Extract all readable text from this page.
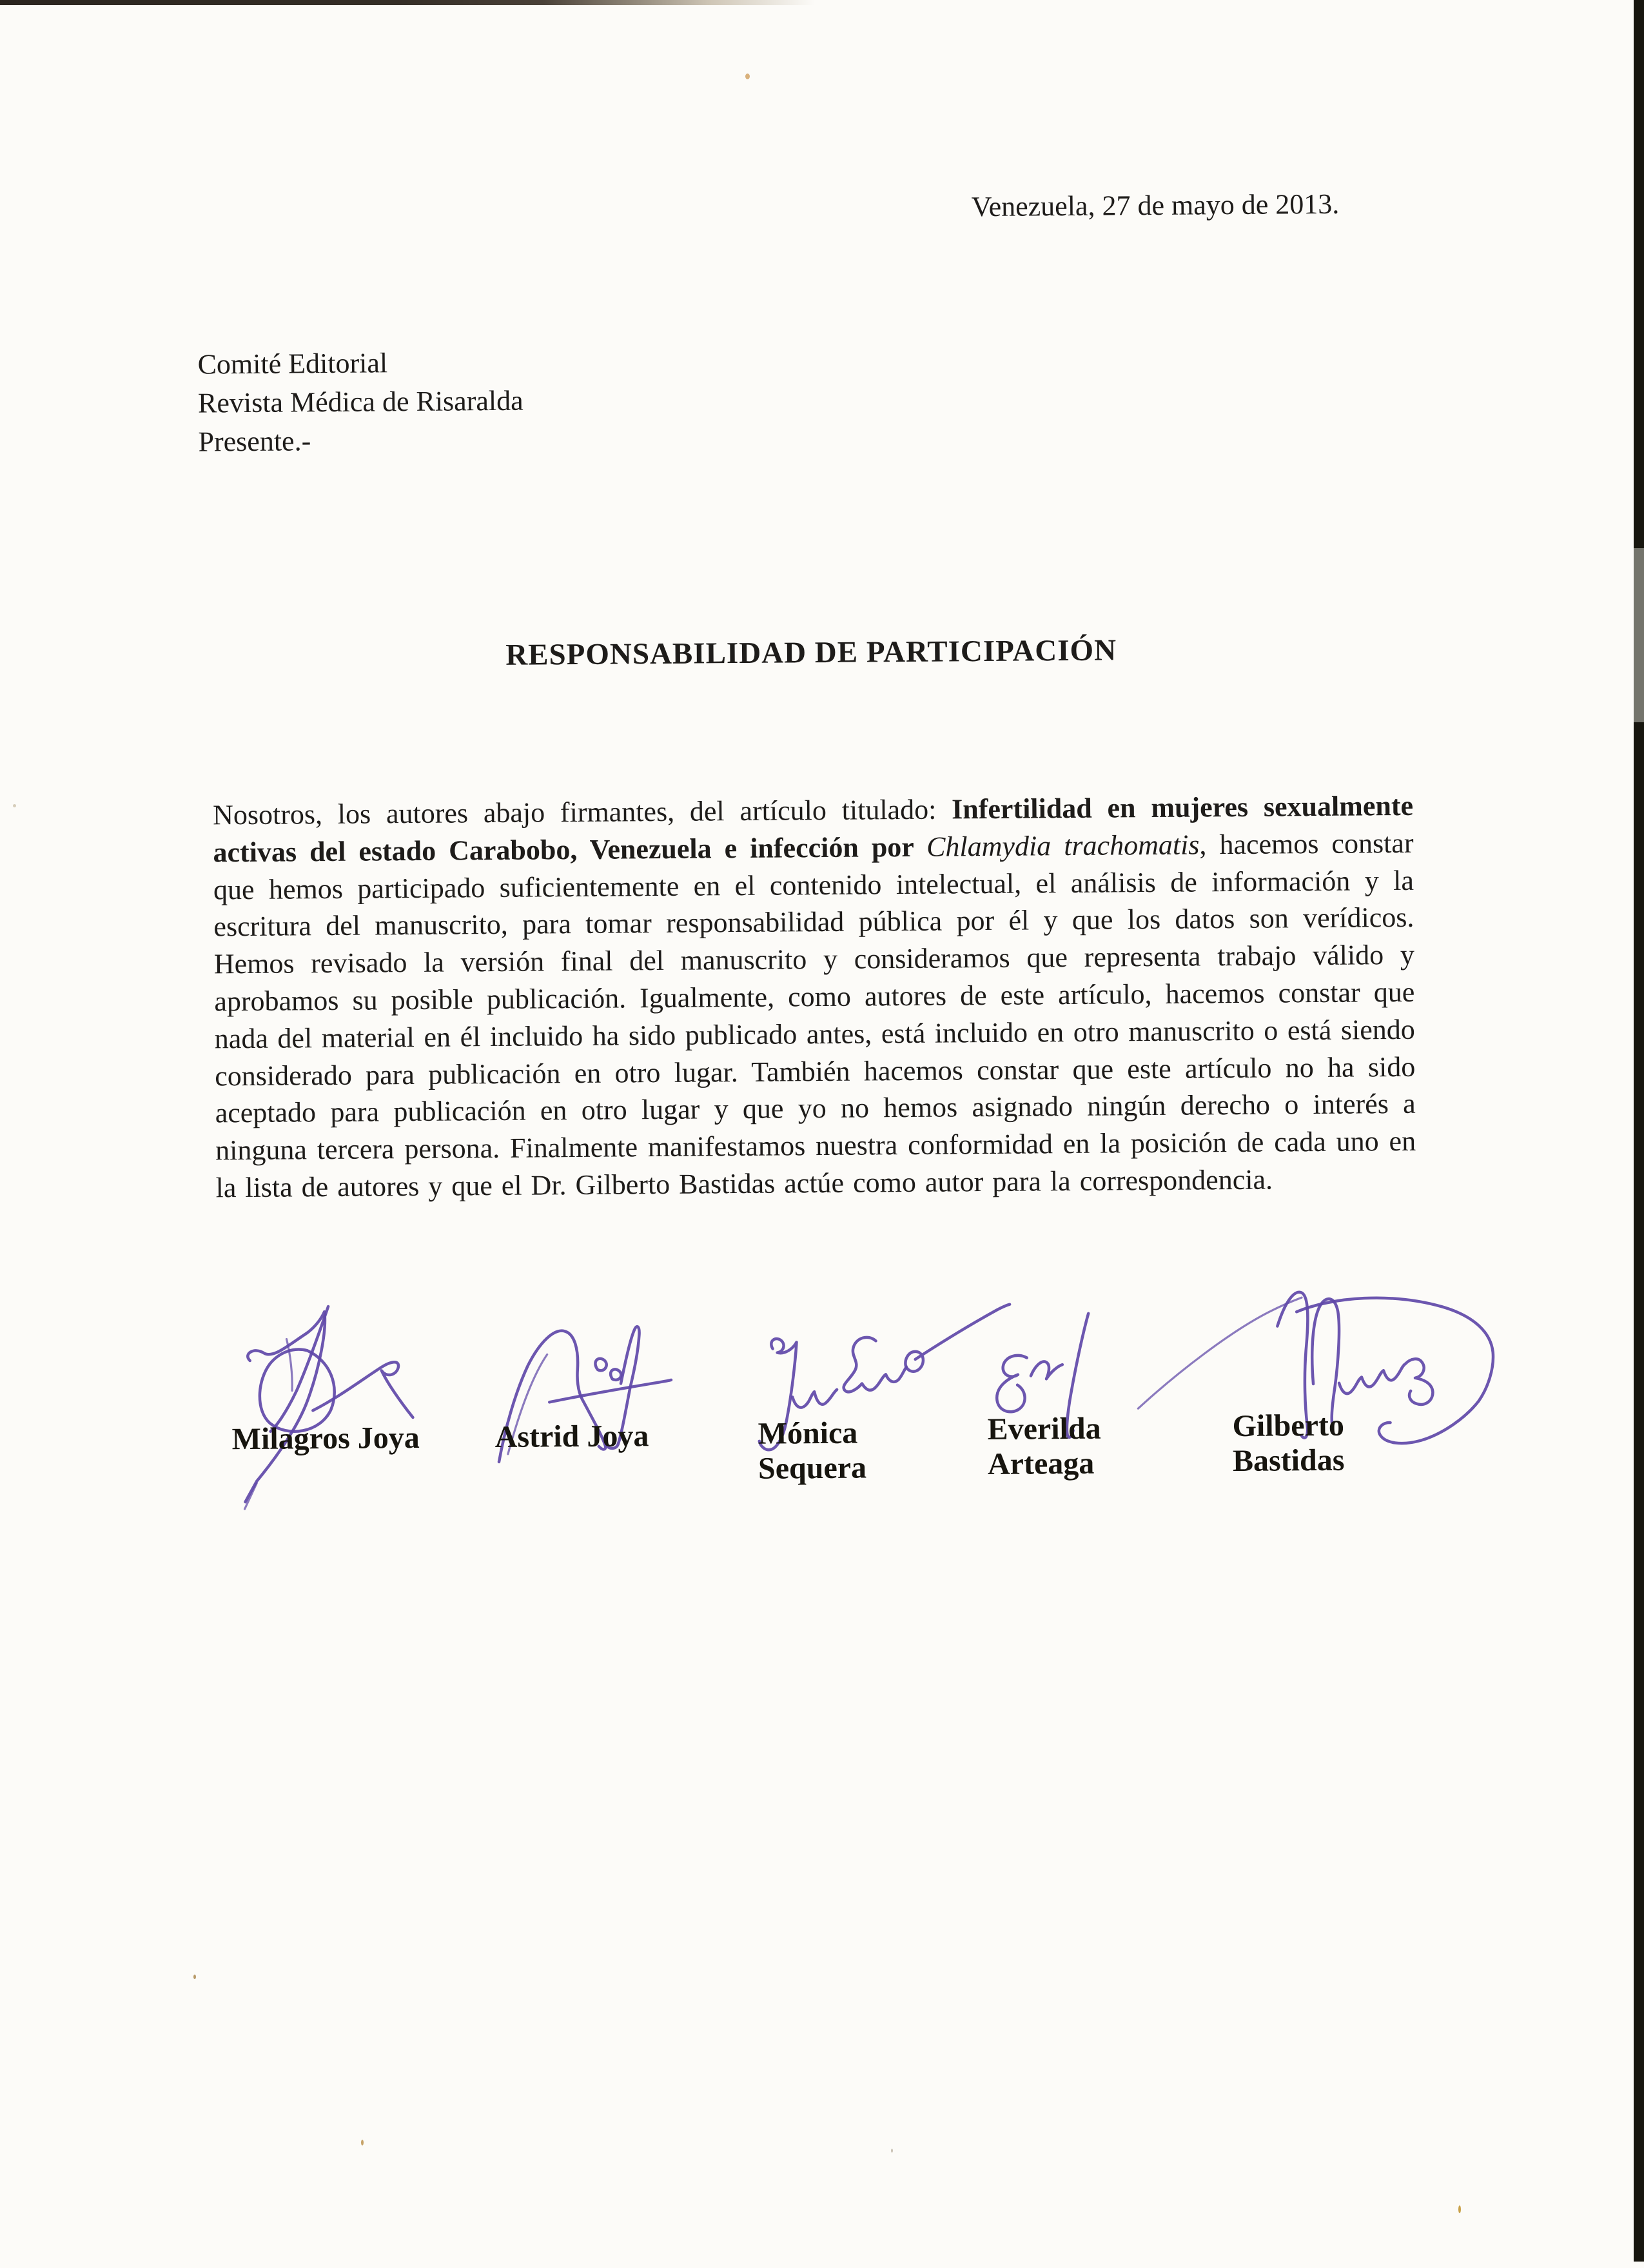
Venezuela, 27 de mayo de 2013.
Comité Editorial
Revista Médica de Risaralda
Presente.-
RESPONSABILIDAD DE PARTICIPACIÓN

Nosotros, los autores abajo firmantes, del artículo titulado: Infertilidad en mujeres sexualmente activas del estado Carabobo, Venezuela e infección por Chlamydia trachomatis, hacemos constar que hemos participado suficientemente en el contenido intelectual, el análisis de información y la escritura del manuscrito, para tomar responsabilidad pública por él y que los datos son verídicos. Hemos revisado la versión final del manuscrito y consideramos que representa trabajo válido y aprobamos su posible publicación. Igualmente, como autores de este artículo, hacemos constar que nada del material en él incluido ha sido publicado antes, está incluido en otro manuscrito o está siendo considerado para publicación en otro lugar. También hacemos constar que este artículo no ha sido aceptado para publicación en otro lugar y que yo no hemos asignado ningún derecho o interés a ninguna tercera persona. Finalmente manifestamos nuestra conformidad en la posición de cada uno en la lista de autores y que el Dr. Gilberto Bastidas actúe como autor para la correspondencia.

Milagros Joya Astrid Joya	Mónica
Sequera
Everilda
Arteaga
Gilberto
Bastidas
